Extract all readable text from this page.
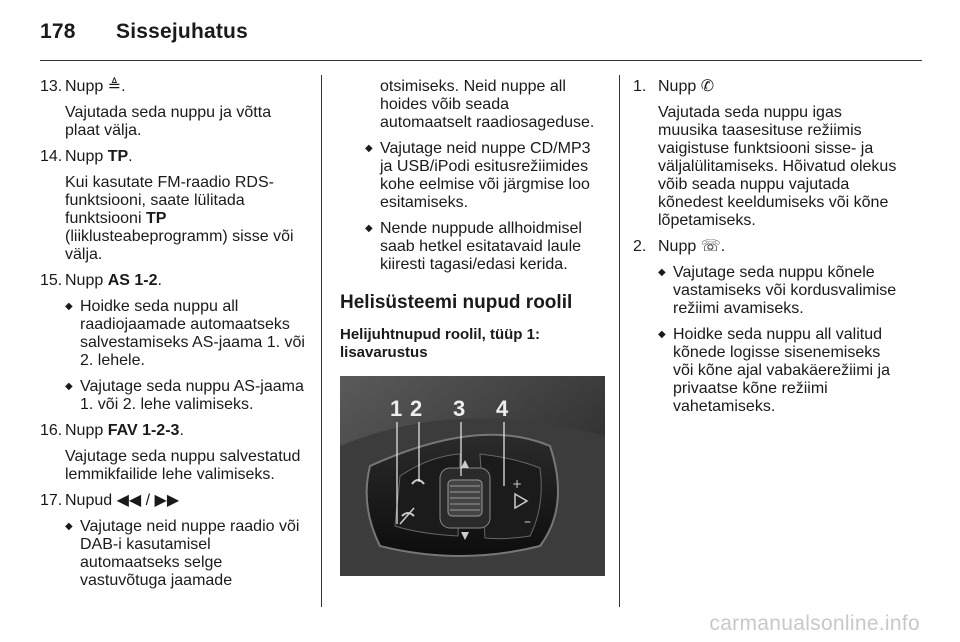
178 Sissejuhatus
13. Nupp ≜.
Vajutada seda nuppu ja võtta plaat välja.
14. Nupp TP.
Kui kasutate FM-raadio RDS-funktsiooni, saate lülitada funktsiooni TP (liiklusteabeprogramm) sisse või välja.
15. Nupp AS 1-2.
◆ Hoidke seda nuppu all raadiojaamade automaatseks salvestamiseks AS-jaama 1. või 2. lehele.
◆ Vajutage seda nuppu AS-jaama 1. või 2. lehe valimiseks.
16. Nupp FAV 1-2-3.
Vajutage seda nuppu salvestatud lemmikfailide lehe valimiseks.
17. Nupud ◀◀ / ▶▶
◆ Vajutage neid nuppe raadio või DAB-i kasutamisel automaatseks selge vastuvõtuga jaamade
otsimiseks. Neid nuppe all hoides võib seada automaatselt raadiosageduse.
◆ Vajutage neid nuppe CD/MP3 ja USB/iPodi esitusrežiimides kohe eelmise või järgmise loo esitamiseks.
◆ Nende nuppude allhoidmisel saab hetkel esitatavaid laule kiiresti tagasi/edasi kerida.
Helisüsteemi nupud roolil
Helijuhtnupud roolil, tüüp 1: lisavarustus
+
–
1 2 3 4
1. Nupp ✆
Vajutada seda nuppu igas muusika taasesituse režiimis vaigistuse funktsiooni sisse- ja väljalülitamiseks. Hõivatud olekus võib seada nuppu vajutada kõnedest keeldumiseks või kõne lõpetamiseks.
2. Nupp ☏.
◆ Vajutage seda nuppu kõnele vastamiseks või kordusvalimise režiimi avamiseks.
◆ Hoidke seda nuppu all valitud kõnede logisse sisenemiseks või kõne ajal vabakäerežiimi ja privaatse kõne režiimi vahetamiseks.
carmanualsonline.info
